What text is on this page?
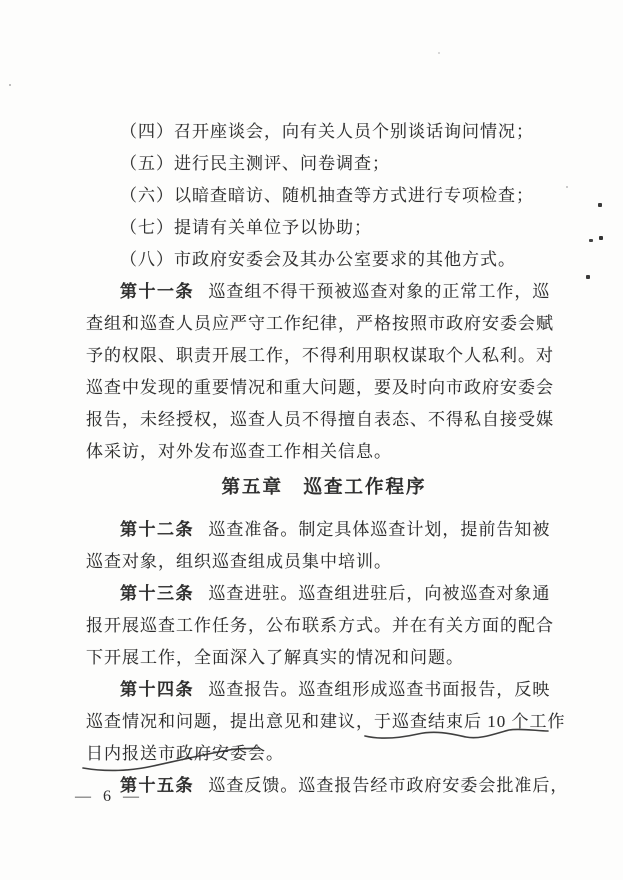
（四）召开座谈会，向有关人员个别谈话询问情况；
（五）进行民主测评、问卷调查；
（六）以暗查暗访、随机抽查等方式进行专项检查；
（七）提请有关单位予以协助；
（八）市政府安委会及其办公室要求的其他方式。
第十一条 巡查组不得干预被巡查对象的正常工作，巡
查组和巡查人员应严守工作纪律，严格按照市政府安委会赋
予的权限、职责开展工作，不得利用职权谋取个人私利。对
巡查中发现的重要情况和重大问题，要及时向市政府安委会
报告，未经授权，巡查人员不得擅自表态、不得私自接受媒
体采访，对外发布巡查工作相关信息。
第五章　巡查工作程序
第十二条 巡查准备。制定具体巡查计划，提前告知被
巡查对象，组织巡查组成员集中培训。
第十三条 巡查进驻。巡查组进驻后，向被巡查对象通
报开展巡查工作任务，公布联系方式。并在有关方面的配合
下开展工作，全面深入了解真实的情况和问题。
第十四条 巡查报告。巡查组形成巡查书面报告，反映
巡查情况和问题，提出意见和建议，于巡查结束后 10 个工作
日内报送市政府安委会。
第十五条 巡查反馈。巡查报告经市政府安委会批准后，
— 6 —
